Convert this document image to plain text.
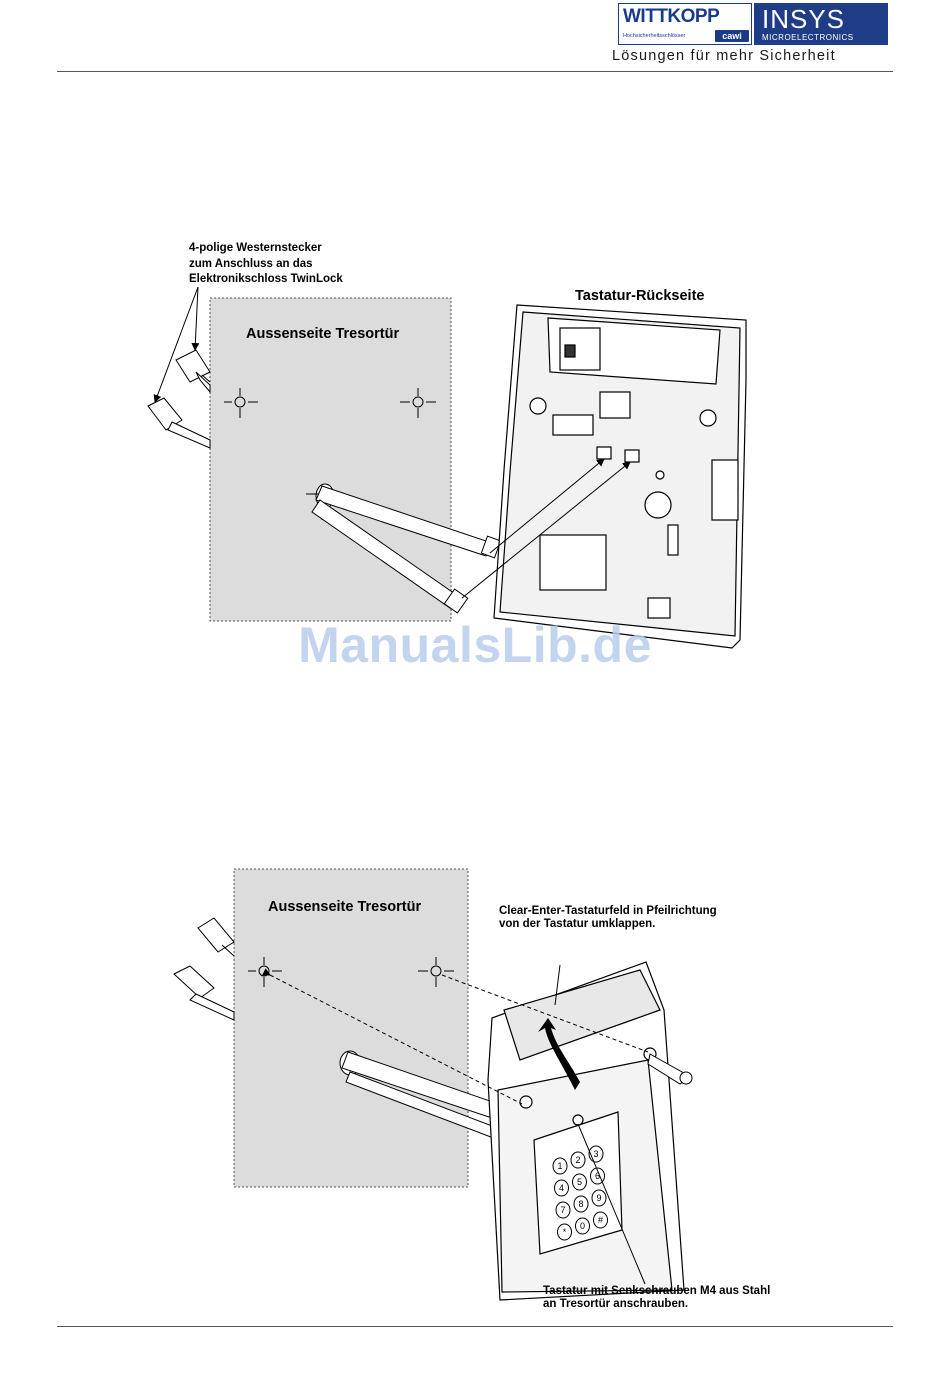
WITTKOPP
Hochsicherheitsschlösser	cawi
INSYS
MICROELECTRONICS
Lösungen für mehr Sicherheit
1
2
3
4
5
6
7
8
9
*
0
#
4-polige Westernstecker
zum Anschluss an das
Elektronikschloss TwinLock
Aussenseite Tresortür
Tastatur-Rückseite
ManualsLib.de
Aussenseite Tresortür	Clear-Enter-Tastaturfeld in Pfeilrichtung
von der Tastatur umklappen.
Tastatur mit Senkschrauben M4 aus Stahl
an Tresortür anschrauben.
